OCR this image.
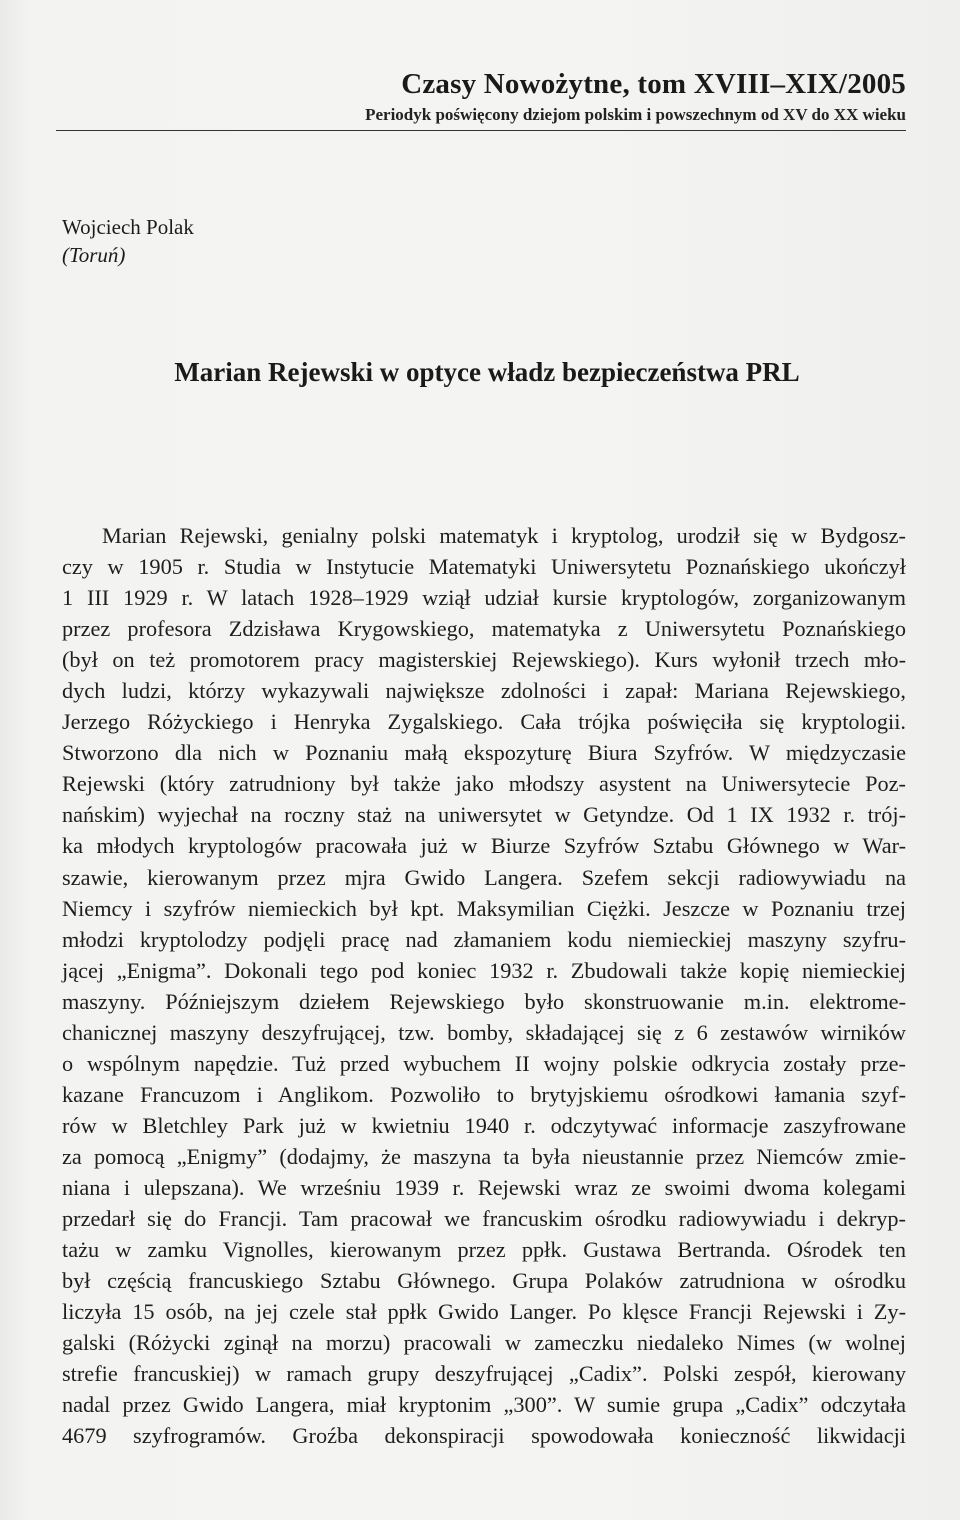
Czasy Nowożytne, tom XVIII–XIX/2005
Periodyk poświęcony dziejom polskim i powszechnym od XV do XX wieku
Wojciech Polak
(Toruń)
Marian Rejewski w optyce władz bezpieczeństwa PRL
Marian Rejewski, genialny polski matematyk i kryptolog, urodził się w Bydgosz-
czy w 1905 r. Studia w Instytucie Matematyki Uniwersytetu Poznańskiego ukończył
1 III 1929 r. W latach 1928–1929 wziął udział kursie kryptologów, zorganizowanym
przez profesora Zdzisława Krygowskiego, matematyka z Uniwersytetu Poznańskiego
(był on też promotorem pracy magisterskiej Rejewskiego). Kurs wyłonił trzech mło-
dych ludzi, którzy wykazywali największe zdolności i zapał: Mariana Rejewskiego,
Jerzego Różyckiego i Henryka Zygalskiego. Cała trójka poświęciła się kryptologii.
Stworzono dla nich w Poznaniu małą ekspozyturę Biura Szyfrów. W międzyczasie
Rejewski (który zatrudniony był także jako młodszy asystent na Uniwersytecie Poz-
nańskim) wyjechał na roczny staż na uniwersytet w Getyndze. Od 1 IX 1932 r. trój-
ka młodych kryptologów pracowała już w Biurze Szyfrów Sztabu Głównego w War-
szawie, kierowanym przez mjra Gwido Langera. Szefem sekcji radiowywiadu na
Niemcy i szyfrów niemieckich był kpt. Maksymilian Ciężki. Jeszcze w Poznaniu trzej
młodzi kryptolodzy podjęli pracę nad złamaniem kodu niemieckiej maszyny szyfru-
jącej „Enigma”. Dokonali tego pod koniec 1932 r. Zbudowali także kopię niemieckiej
maszyny. Późniejszym dziełem Rejewskiego było skonstruowanie m.in. elektrome-
chanicznej maszyny deszyfrującej, tzw. bomby, składającej się z 6 zestawów wirników
o wspólnym napędzie. Tuż przed wybuchem II wojny polskie odkrycia zostały prze-
kazane Francuzom i Anglikom. Pozwoliło to brytyjskiemu ośrodkowi łamania szyf-
rów w Bletchley Park już w kwietniu 1940 r. odczytywać informacje zaszyfrowane
za pomocą „Enigmy” (dodajmy, że maszyna ta była nieustannie przez Niemców zmie-
niana i ulepszana). We wrześniu 1939 r. Rejewski wraz ze swoimi dwoma kolegami
przedarł się do Francji. Tam pracował we francuskim ośrodku radiowywiadu i dekryp-
tażu w zamku Vignolles, kierowanym przez ppłk. Gustawa Bertranda. Ośrodek ten
był częścią francuskiego Sztabu Głównego. Grupa Polaków zatrudniona w ośrodku
liczyła 15 osób, na jej czele stał ppłk Gwido Langer. Po klęsce Francji Rejewski i Zy-
galski (Różycki zginął na morzu) pracowali w zameczku niedaleko Nimes (w wolnej
strefie francuskiej) w ramach grupy deszyfrującej „Cadix”. Polski zespół, kierowany
nadal przez Gwido Langera, miał kryptonim „300”. W sumie grupa „Cadix” odczytała
4679 szyfrogramów. Groźba dekonspiracji spowodowała konieczność likwidacji
